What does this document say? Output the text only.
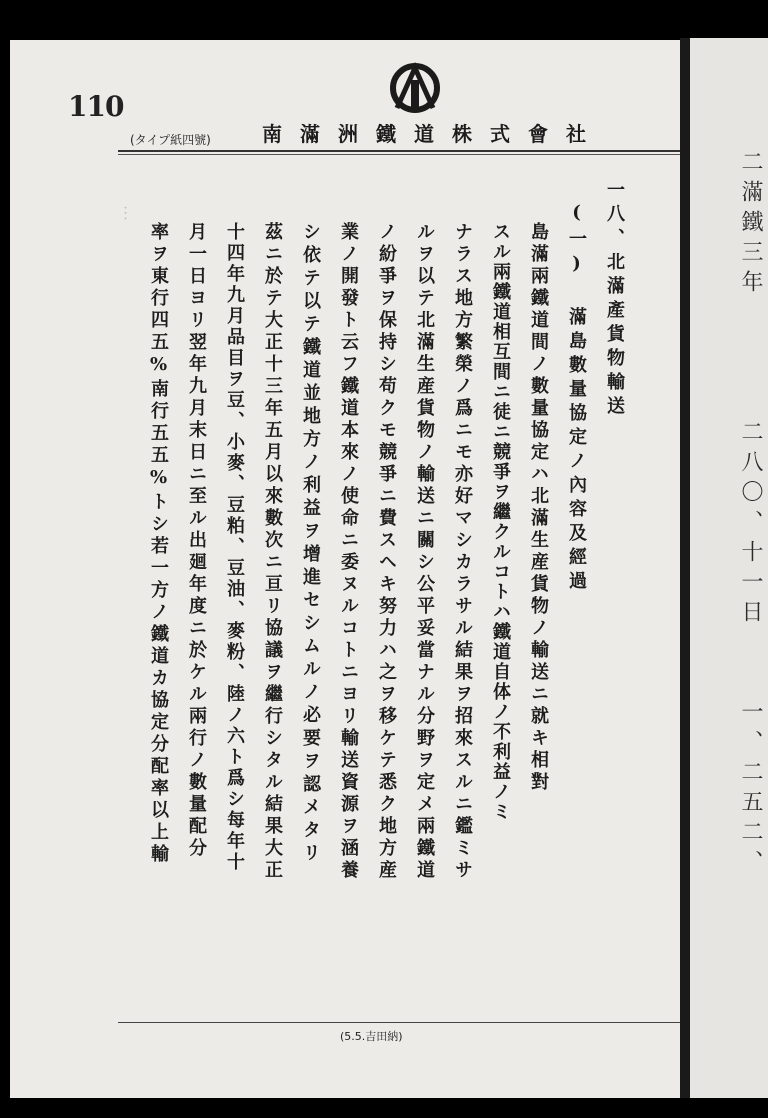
110
南滿洲鐵道株式會社
(タイプ紙四號)
︙	一八、北滿產貨物輸送
(一) 滿島數量協定ノ內容及經過
島滿兩鐵道間ノ數量協定ハ北滿生産貨物ノ輸送ニ就キ相對
スル兩鐵道相互間ニ徒ニ競爭ヲ繼クルコトハ鐵道自体ノ不利益ノミ
ナラス地方繁榮ノ爲ニモ亦好マシカラサル結果ヲ招來スルニ鑑ミサ
ルヲ以テ北滿生産貨物ノ輸送ニ關シ公平妥當ナル分野ヲ定メ兩鐵道
ノ紛爭ヲ保持シ苟クモ競爭ニ費スヘキ努力ハ之ヲ移ケテ悉ク地方産
業ノ開發ト云フ鐵道本來ノ使命ニ委ヌルコトニヨリ輸送資源ヲ涵養
シ依テ以テ鐵道並地方ノ利益ヲ增進セシムルノ必要ヲ認メタリ
茲ニ於テ大正十三年五月以來數次ニ亘リ協議ヲ繼行シタル結果大正
十四年九月品目ヲ豆、小麥、豆粕、豆油、麥粉、陸ノ六ト爲シ每年十
月一日ヨリ翌年九月末日ニ至ル出廻年度ニ於ケル兩行ノ數量配分
率ヲ東行四五%南行五五%トシ若一方ノ鐵道カ協定分配率以上輸
(5.5.吉田納)
二滿鐵三年
二八〇、十一日
一、二五二、
